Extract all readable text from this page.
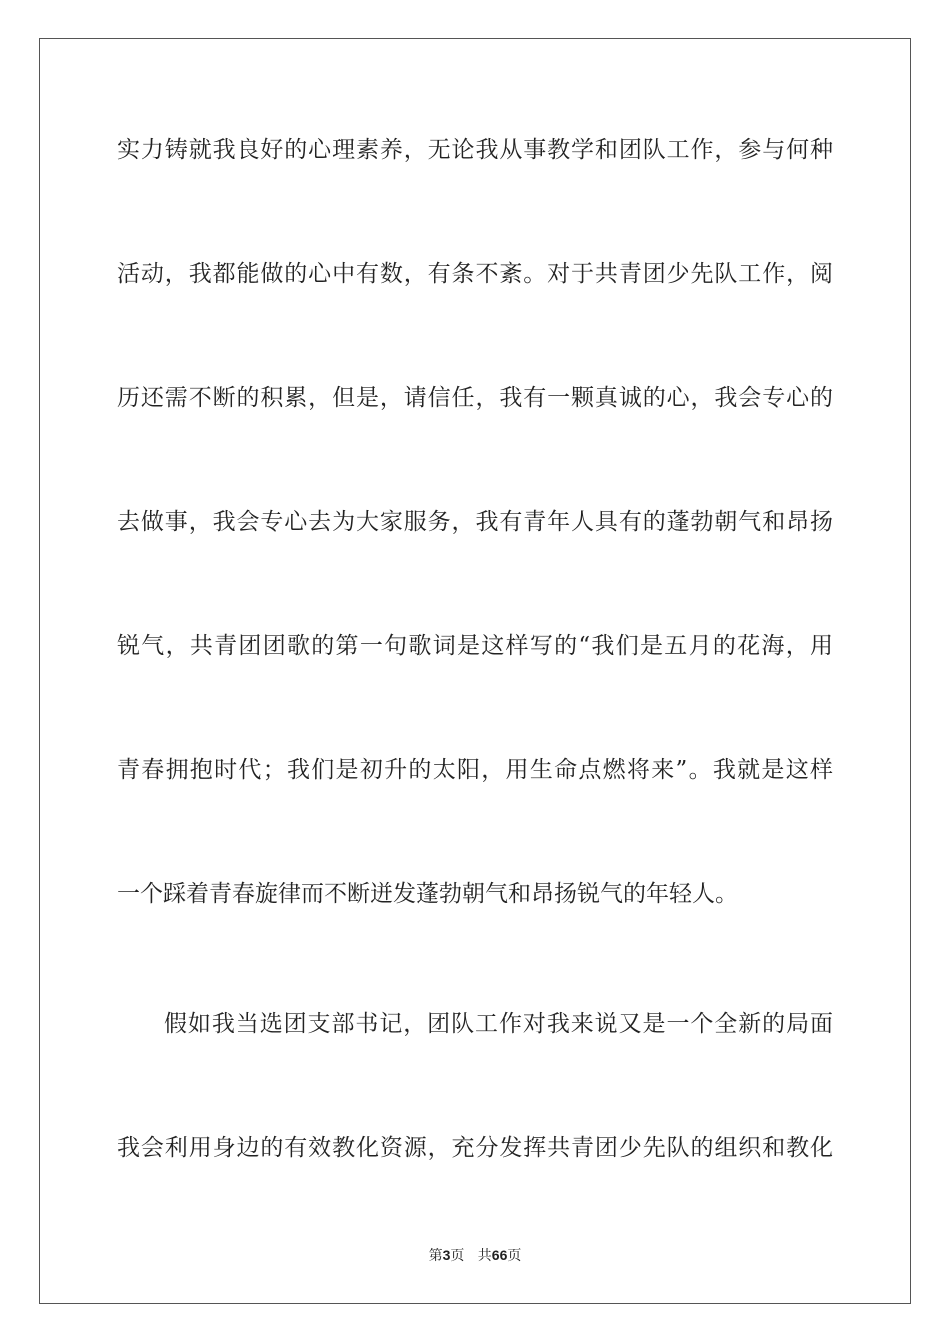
实力铸就我良好的心理素养，无论我从事教学和团队工作，参与何种
活动，我都能做的心中有数，有条不紊。对于共青团少先队工作，阅
历还需不断的积累，但是，请信任，我有一颗真诚的心，我会专心的
去做事，我会专心去为大家服务，我有青年人具有的蓬勃朝气和昂扬
锐气，共青团团歌的第一句歌词是这样写的“我们是五月的花海，用
青春拥抱时代；我们是初升的太阳，用生命点燃将来”。我就是这样
一个踩着青春旋律而不断迸发蓬勃朝气和昂扬锐气的年轻人。
假如我当选团支部书记，团队工作对我来说又是一个全新的局面
我会利用身边的有效教化资源，充分发挥共青团少先队的组织和教化
第3页   共66页
